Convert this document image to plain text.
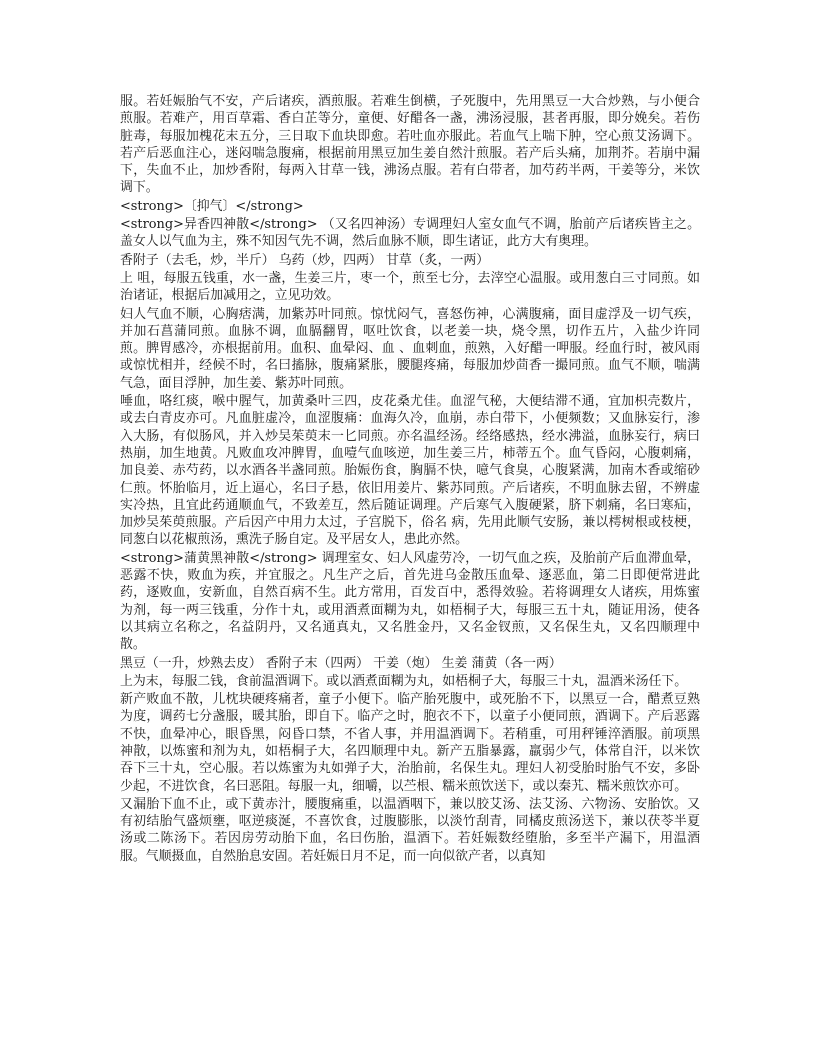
服。若妊娠胎气不安，产后诸疾，酒煎服。若难生倒横，子死腹中，先用黑豆一大合炒熟，与小便合煎服。若难产，用百草霜、香白芷等分，童便、好醋各一盏，沸汤浸服，甚者再服，即分娩矣。若伤脏毒，每服加槐花末五分，三日取下血块即愈。若吐血亦服此。若血气上喘下肿，空心煎艾汤调下。若产后恶血注心，迷闷喘急腹痛，根据前用黑豆加生姜自然汁煎服。若产后头痛，加荆芥。若崩中漏下，失血不止，加炒香附，每两入甘草一钱，沸汤点服。若有白带者，加芍药半两，干姜等分，米饮调下。

<strong>〔抑气〕</strong>

<strong>异香四神散</strong> （又名四神汤）专调理妇人室女血气不调，胎前产后诸疾皆主之。盖女人以气血为主，殊不知因气先不调，然后血脉不顺，即生诸证，此方大有奥理。

香附子（去毛，炒，半斤） 乌药（炒，四两） 甘草（炙，一两）

上 咀，每服五钱重，水一盏，生姜三片，枣一个，煎至七分，去滓空心温服。或用葱白三寸同煎。如治诸证，根据后加减用之，立见功效。

妇人气血不顺，心胸痞满，加紫苏叶同煎。惊忧闷气，喜怒伤神，心满腹痛，面目虚浮及一切气疾，并加石菖蒲同煎。血脉不调，血膈翻胃，呕吐饮食，以老姜一块，烧令黑，切作五片，入盐少许同煎。脾胃感冷，亦根据前用。血积、血晕闷、血 、血刺血，煎熟，入好醋一呷服。经血行时，被风雨或惊忧相并，经候不时，名曰搐脉，腹痛紧胀，腰腿疼痛，每服加炒茴香一撮同煎。血气不顺，喘满气急，面目浮肿，加生姜、紫苏叶同煎。

唾血，咯红痰，喉中腥气，加黄桑叶三四，皮花桑尤佳。血涩气秘，大便结滞不通，宜加枳壳数片，或去白青皮亦可。凡血脏虚冷，血涩腹痛：血海久冷，血崩，赤白带下，小便频数；又血脉妄行，渗入大肠，有似肠风，并入炒吴茱萸末一匕同煎。亦名温经汤。经络感热，经水沸溢，血脉妄行，病曰热崩，加生地黄。凡败血攻冲脾胃，血噎气血咳逆，加生姜三片，柿蒂五个。血气昏闷，心腹刺痛，加良姜、赤芍药，以水酒各半盏同煎。胎娠伤食，胸膈不快，噫气食臭，心腹紧满，加南木香或缩砂仁煎。怀胎临月，近上逼心，名曰子悬，依旧用姜片、紫苏同煎。产后诸疾，不明血脉去留，不辨虚实冷热，且宜此药通顺血气，不致差互，然后随证调理。产后寒气入腹硬紧，脐下刺痛，名曰寒疝，加炒吴茱萸煎服。产后因产中用力太过，子宫脱下，俗名 病，先用此顺气安肠，兼以樗树根或枝梗，同葱白以花椒煎汤，熏洗子肠自定。及平居女人，患此亦然。

<strong>蒲黄黑神散</strong> 调理室女、妇人风虚劳冷，一切气血之疾，及胎前产后血滞血晕，恶露不快，败血为疾，并宜服之。凡生产之后，首先进乌金散压血晕、逐恶血，第二日即便常进此药，逐败血，安新血，自然百病不生。此方常用，百发百中，悉得效验。若将调理女人诸疾，用炼蜜为剂，每一两三钱重，分作十丸，或用酒煮面糊为丸，如梧桐子大，每服三五十丸，随证用汤，使各以其病立名称之，名益阴丹，又名通真丸，又名胜金丹，又名金钗煎，又名保生丸，又名四顺理中散。

黑豆（一升，炒熟去皮） 香附子末（四两） 干姜（炮） 生姜 蒲黄（各一两）

上为末，每服二钱，食前温酒调下。或以酒煮面糊为丸，如梧桐子大，每服三十丸，温酒米汤任下。

新产败血不散，儿枕块硬疼痛者，童子小便下。临产胎死腹中，或死胎不下，以黑豆一合，醋煮豆熟为度，调药七分盏服，暖其胎，即自下。临产之时，胞衣不下，以童子小便同煎，酒调下。产后恶露不快，血晕冲心，眼昏黑，闷昏口禁，不省人事，并用温酒调下。若稍重，可用秤锤淬酒服。前项黑神散，以炼蜜和剂为丸，如梧桐子大，名四顺理中丸。新产五脂暴露，羸弱少气，体常自汗，以米饮吞下三十丸，空心服。若以炼蜜为丸如弹子大，治胎前，名保生丸。理妇人初受胎时胎气不安，多卧少起，不进饮食，名曰恶阻。每服一丸，细嚼，以苎根、糯米煎饮送下，或以秦艽、糯米煎饮亦可。

又漏胎下血不止，或下黄赤汁，腰腹痛重，以温酒咽下，兼以胶艾汤、法艾汤、六物汤、安胎饮。又有初结胎气盛烦壅，呕逆痰涎，不喜饮食，过腹膨胀，以淡竹刮青，同橘皮煎汤送下，兼以茯苓半夏汤或二陈汤下。若因房劳动胎下血，名曰伤胎，温酒下。若妊娠数经堕胎，多至半产漏下，用温酒服。气顺摄血，自然胎息安固。若妊娠日月不足，而一向似欲产者，以真知
